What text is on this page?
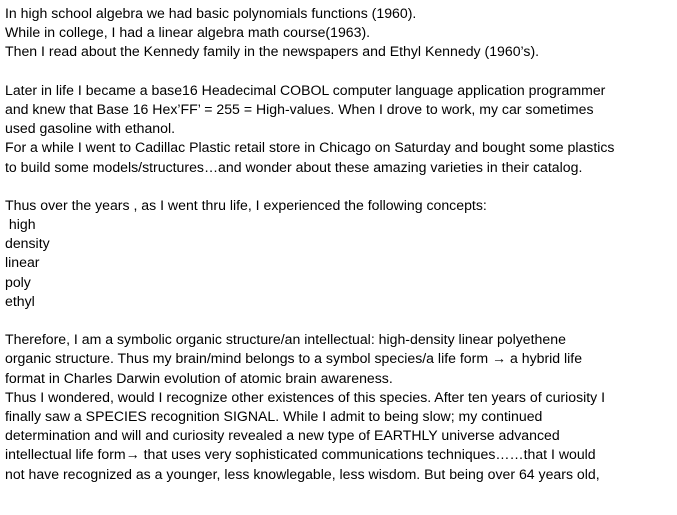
In high school algebra we had basic polynomials functions (1960).
While in college, I had a linear algebra math course(1963).
Then I read about the Kennedy family in the newspapers and Ethyl Kennedy (1960’s).
Later in life I became a base16 Headecimal COBOL computer language application programmer
and knew that Base 16 Hex’FF’ = 255 = High-values. When I drove to work, my car sometimes
used gasoline with ethanol.
For a while I went to Cadillac Plastic retail store in Chicago on Saturday and bought some plastics
to build some models/structures…and wonder about these amazing varieties in their catalog.
Thus over the years , as I went thru life, I experienced the following concepts:
high
density
linear
poly
ethyl
Therefore, I am a symbolic organic structure/an intellectual: high-density linear polyethene
organic structure. Thus my brain/mind belongs to a symbol species/a life form → a hybrid life
format in Charles Darwin evolution of atomic brain awareness.
Thus I wondered, would I recognize other existences of this species. After ten years of curiosity I
finally saw a SPECIES recognition SIGNAL. While I admit to being slow; my continued
determination and will and curiosity revealed a new type of EARTHLY universe advanced
intellectual life form→ that uses very sophisticated communications techniques……that I would
not have recognized as a younger, less knowlegable, less wisdom. But being over 64 years old,
